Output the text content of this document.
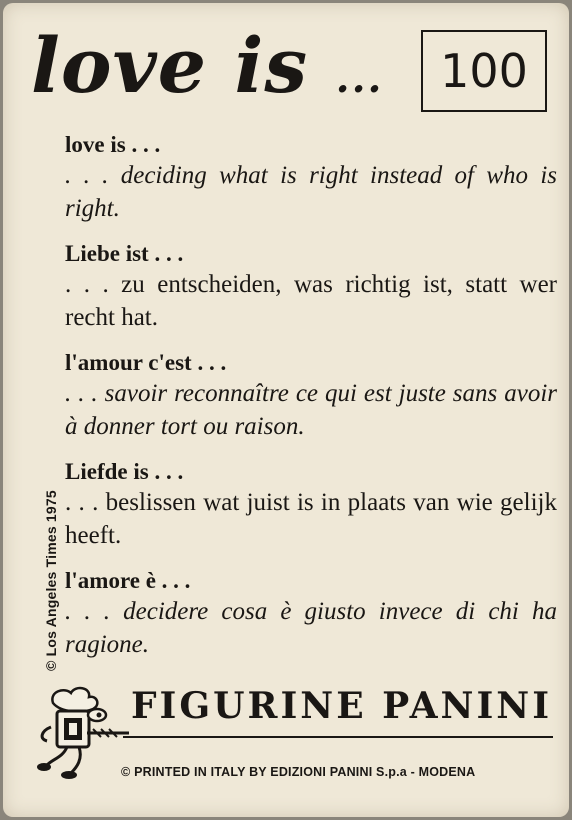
love is ...	100
love is . . .
. . . deciding what is right instead of who is right.
Liebe ist . . .
. . . zu entscheiden, was richtig ist, statt wer recht hat.
l'amour c'est . . .
. . . savoir reconnaître ce qui est juste sans avoir à donner tort ou raison.
Liefde is . . .
. . . beslissen wat juist is in plaats van wie gelijk heeft.
l'amore è . . .
. . . decidere cosa è giusto invece di chi ha ragione.
© Los Angeles Times 1975
FIGURINE PANINI
© PRINTED IN ITALY BY EDIZIONI PANINI S.p.a - MODENA
